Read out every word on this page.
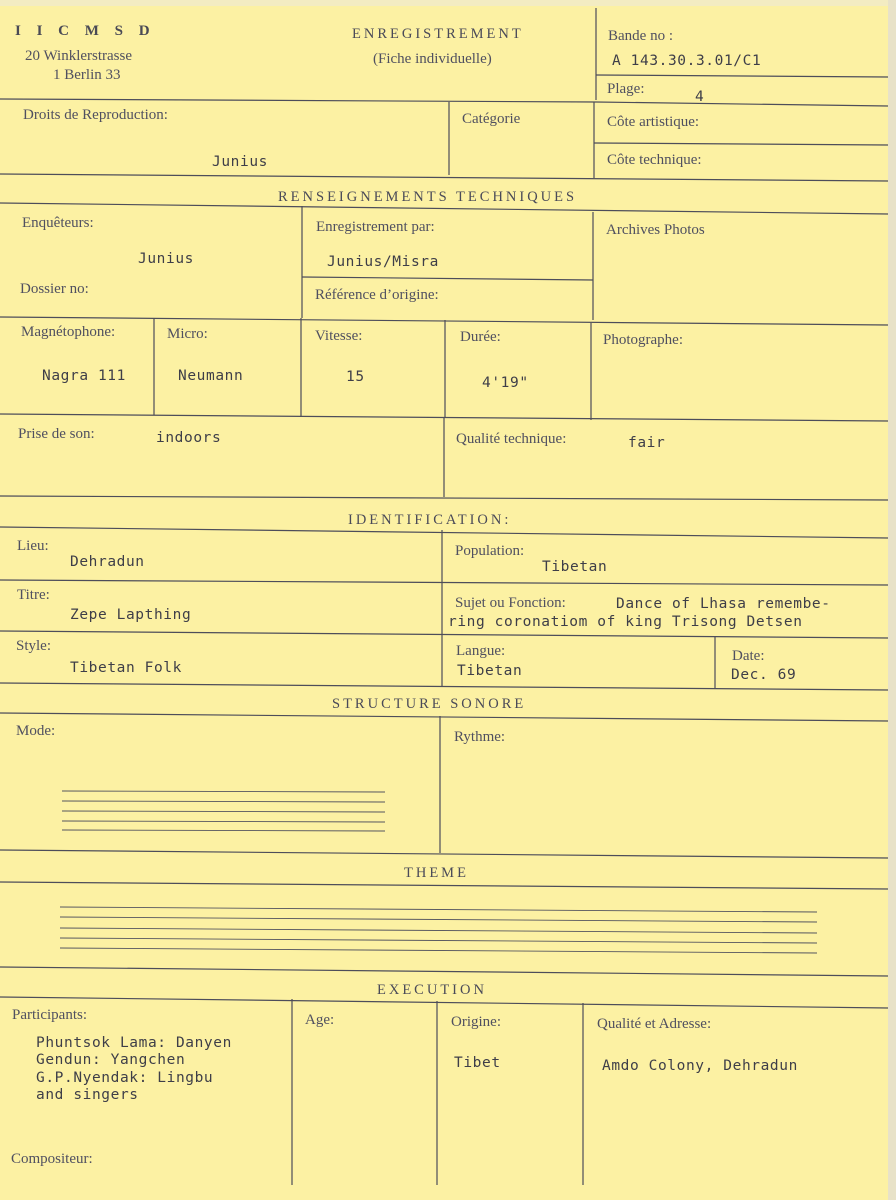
I I C M S D
20 Winklerstrasse
1 Berlin 33
ENREGISTREMENT
(Fiche individuelle)
Bande no :
A 143.30.3.01/C1
Plage:	4
Droits de Reproduction:
Junius
Catégorie	Côte artistique:
Côte technique:
RENSEIGNEMENTS TECHNIQUES
Enquêteurs:
Junius
Enregistrement par:
Junius/Misra
Archives Photos
Dossier no:	Référence d’origine:
Magnétophone:
Nagra 111
Micro:
Neumann
Vitesse:
15
Durée:
4'19"
Photographe:
Prise de son:	indoors	Qualité technique:	fair
IDENTIFICATION:
Lieu:
Dehradun
Population:
Tibetan
Titre:
Zepe Lapthing
Sujet ou Fonction:	Dance of Lhasa remembe-
ring coronatiom of king Trisong Detsen
Style:
Tibetan Folk
Langue:
Tibetan
Date:
Dec. 69
STRUCTURE SONORE
Mode:	Rythme:
THEME
EXECUTION
Participants:
Phuntsok Lama: Danyen
Gendun: Yangchen
G.P.Nyendak: Lingbu
and singers
Age:	Origine:
Tibet
Qualité et Adresse:
Amdo Colony, Dehradun
Compositeur:
